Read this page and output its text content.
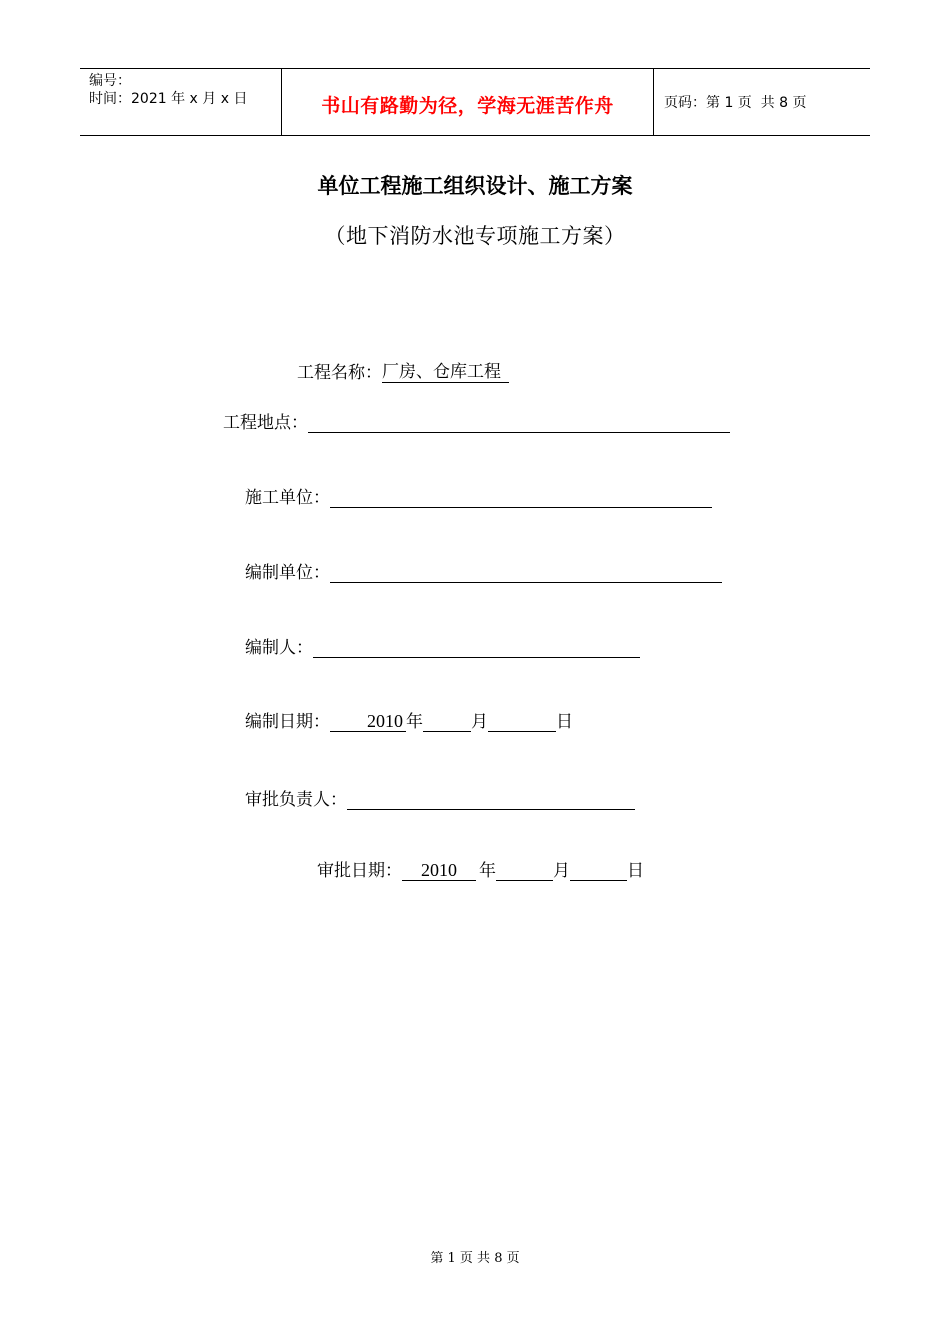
编号：
时间：2021 年 x 月 x 日	书山有路勤为径，学海无涯苦作舟	页码：第 1 页  共 8 页
单位工程施工组织设计、施工方案
（地下消防水池专项施工方案）
工程名称： 厂房、仓库工程
工程地点：
施工单位：
编制单位：
编制人：
编制日期：	2010 年	月	日
审批负责人：
审批日期：	2010	年	月	日
第 1 页 共 8 页
